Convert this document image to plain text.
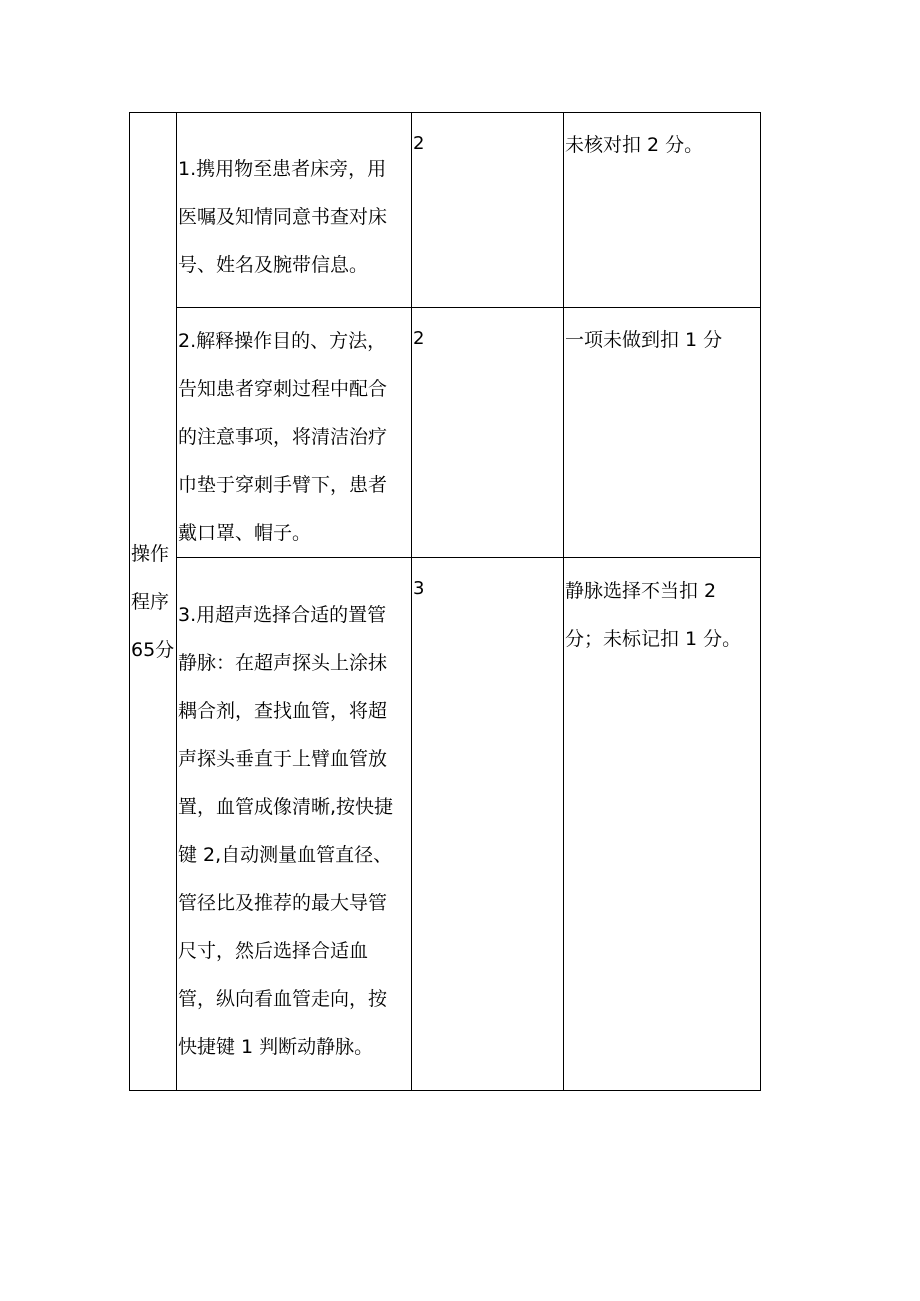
操作程序65分	1.携用物至患者床旁，用医嘱及知情同意书查对床号、姓名及腕带信息。	2	未核对扣 2 分。

	2.解释操作目的、方法，告知患者穿刺过程中配合的注意事项，将清洁治疗巾垫于穿刺手臂下，患者戴口罩、帽子。	2	一项未做到扣 1 分

	3.用超声选择合适的置管静脉：在超声探头上涂抹耦合剂，查找血管，将超声探头垂直于上臂血管放置，血管成像清晰,按快捷键 2,自动测量血管直径、管径比及推荐的最大导管尺寸，然后选择合适血管，纵向看血管走向，按快捷键 1 判断动静脉。	3	静脉选择不当扣 2 分；未标记扣 1 分。
